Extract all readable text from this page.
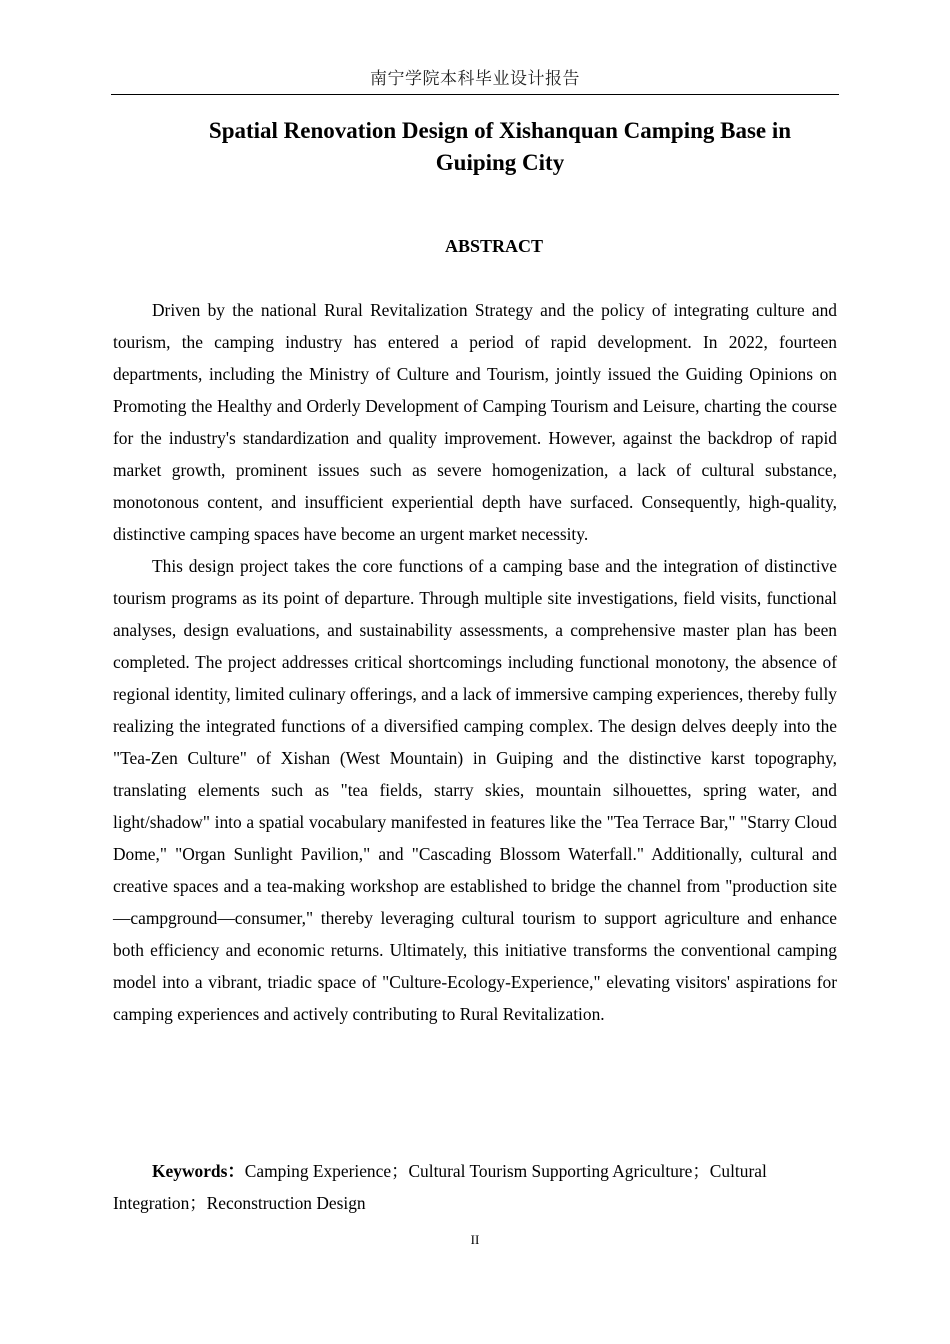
南宁学院本科毕业设计报告
Spatial Renovation Design of Xishanquan Camping Base in
Guiping City
ABSTRACT

Driven by the national Rural Revitalization Strategy and the policy of integrating culture and tourism, the camping industry has entered a period of rapid development. In 2022, fourteen departments, including the Ministry of Culture and Tourism, jointly issued the Guiding Opinions on Promoting the Healthy and Orderly Development of Camping Tourism and Leisure, charting the course for the industry's standardization and quality improvement. However, against the backdrop of rapid market growth, prominent issues such as severe homogenization, a lack of cultural substance, monotonous content, and insufficient experiential depth have surfaced. Consequently, high-quality, distinctive camping spaces have become an urgent market necessity.

This design project takes the core functions of a camping base and the integration of distinctive tourism programs as its point of departure. Through multiple site investigations, field visits, functional analyses, design evaluations, and sustainability assessments, a comprehensive master plan has been completed. The project addresses critical shortcomings including functional monotony, the absence of regional identity, limited culinary offerings, and a lack of immersive camping experiences, thereby fully realizing the integrated functions of a diversified camping complex. The design delves deeply into the "Tea-Zen Culture" of Xishan (West Mountain) in Guiping and the distinctive karst topography, translating elements such as "tea fields, starry skies, mountain silhouettes, spring water, and light/shadow" into a spatial vocabulary manifested in features like the "Tea Terrace Bar," "Starry Cloud Dome," "Organ Sunlight Pavilion," and "Cascading Blossom Waterfall." Additionally, cultural and creative spaces and a tea-making workshop are established to bridge the channel from "production site—campground—consumer," thereby leveraging cultural tourism to support agriculture and enhance both efficiency and economic returns. Ultimately, this initiative transforms the conventional camping model into a vibrant, triadic space of "Culture-Ecology-Experience," elevating visitors' aspirations for camping experiences and actively contributing to Rural Revitalization.

Keywords：Camping Experience；Cultural Tourism Supporting Agriculture；Cultural Integration；Reconstruction Design

II
